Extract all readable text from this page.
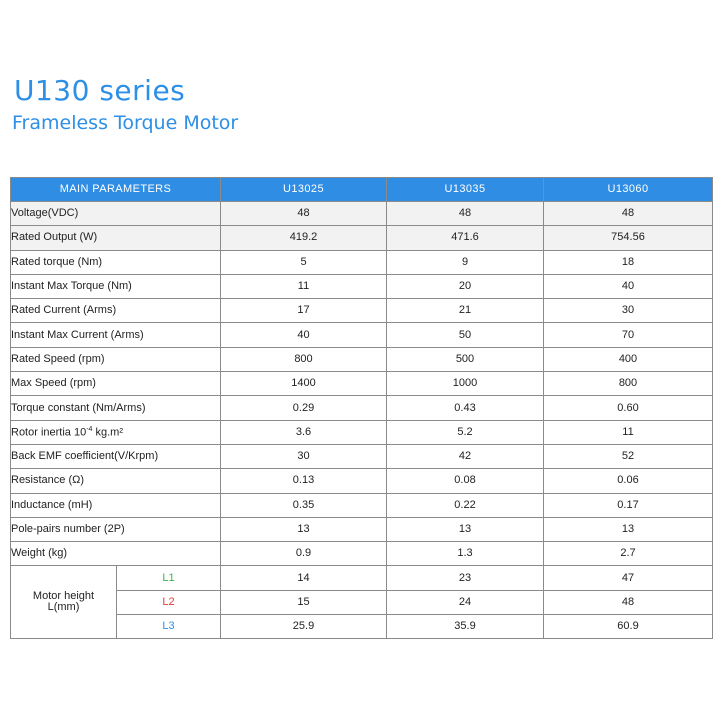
U130 series
Frameless Torque Motor
MAIN PARAMETERS		U13025	U13035	U13060
Voltage(VDC)		48	48	48
Rated Output (W)		419.2	471.6	754.56
Rated torque (Nm)		5	9	18
Instant Max Torque (Nm)		11	20	40
Rated Current (Arms)		17	21	30
Instant Max Current (Arms)		40	50	70
Rated Speed (rpm)		800	500	400
Max Speed (rpm)		1400	1000	800
Torque constant (Nm/Arms)		0.29	0.43	0.60
Rotor inertia $10^{-4}$ kg.m²		3.6	5.2	11
Back EMF coefficient(V/Krpm)		30	42	52
Resistance (Ω)		0.13	0.08	0.06
Inductance (mH)		0.35	0.22	0.17
Pole-pairs number (2P)		13	13	13
Weight (kg)		0.9	1.3	2.7
Motor height
L(mm)	L1	14	23	47
	L2	15	24	48
	L3	25.9	35.9	60.9
